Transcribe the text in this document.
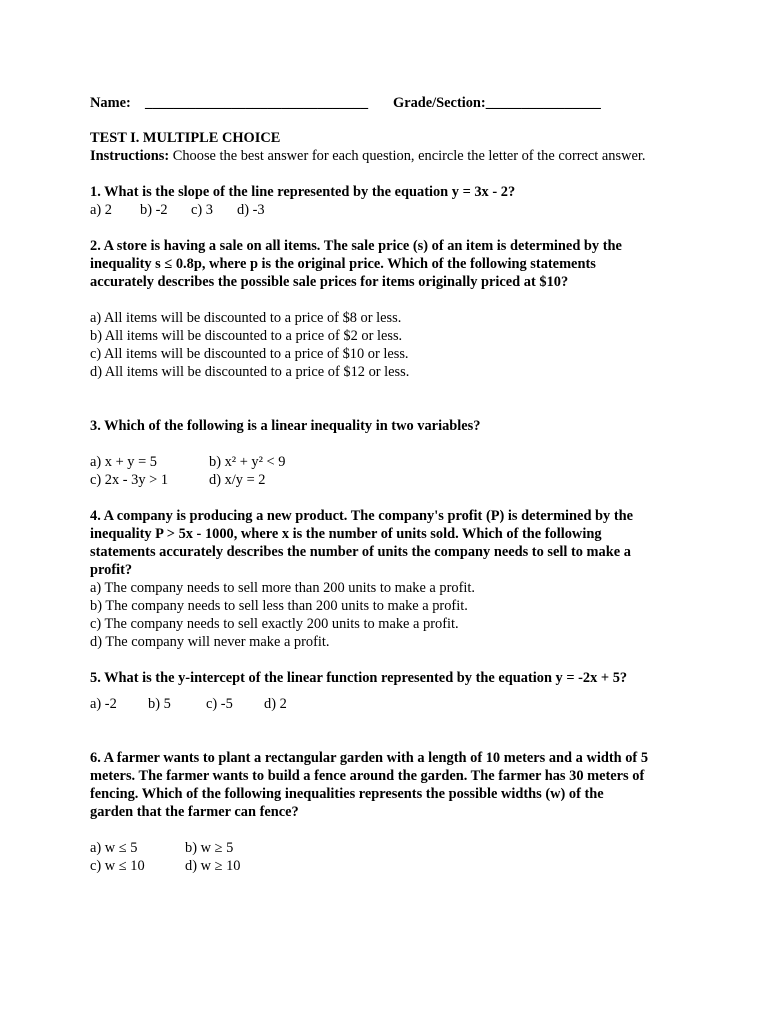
Name: _______________________________ Grade/Section:________________
TEST I. MULTIPLE CHOICE
Instructions: Choose the best answer for each question, encircle the letter of the correct answer.
1. What is the slope of the line represented by the equation y = 3x - 2?
a) 2 b) -2 c) 3 d) -3
2. A store is having a sale on all items. The sale price (s) of an item is determined by the
inequality s ≤ 0.8p, where p is the original price. Which of the following statements
accurately describes the possible sale prices for items originally priced at $10?
a) All items will be discounted to a price of $8 or less.
b) All items will be discounted to a price of $2 or less.
c) All items will be discounted to a price of $10 or less.
d) All items will be discounted to a price of $12 or less.
3. Which of the following is a linear inequality in two variables?
a) x + y = 5	b) x² + y² < 9
c) 2x - 3y > 1	d) x/y = 2
4. A company is producing a new product. The company's profit (P) is determined by the
inequality P > 5x - 1000, where x is the number of units sold. Which of the following
statements accurately describes the number of units the company needs to sell to make a
profit?
a) The company needs to sell more than 200 units to make a profit.
b) The company needs to sell less than 200 units to make a profit.
c) The company needs to sell exactly 200 units to make a profit.
d) The company will never make a profit.
5. What is the y-intercept of the linear function represented by the equation y = -2x + 5?
a) -2 b) 5 c) -5 d) 2
6. A farmer wants to plant a rectangular garden with a length of 10 meters and a width of 5
meters. The farmer wants to build a fence around the garden. The farmer has 30 meters of
fencing. Which of the following inequalities represents the possible widths (w) of the
garden that the farmer can fence?
a) w ≤ 5	b) w ≥ 5
c) w ≤ 10	d) w ≥ 10
